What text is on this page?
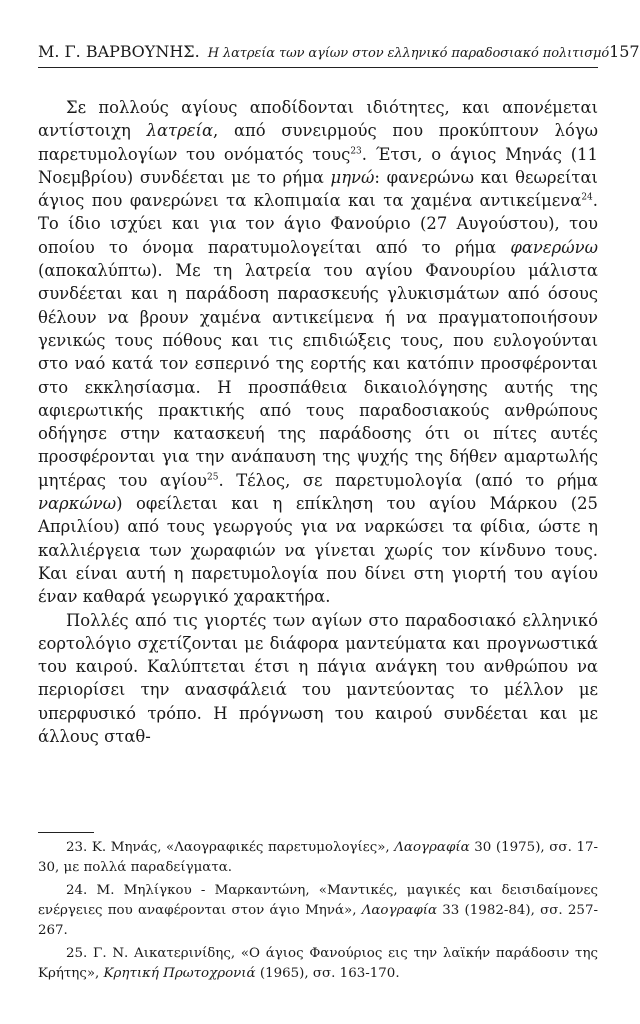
Μ. Γ. ΒΑΡΒΟΥΝΗΣ. Η λατρεία των αγίων στον ελληνικό παραδοσιακό πολιτισμό 157

Σε πολλούς αγίους αποδίδονται ιδιότητες, και απονέμεται αντίστοιχη λατρεία, από συνειρμούς που προκύπτουν λόγω παρετυμολογίων του ονόματός τους$^{23}$. Έτσι, ο άγιος Μηνάς (11 Νοεμβρίου) συνδέεται με το ρήμα μηνώ: φανερώνω και θεωρείται άγιος που φανερώνει τα κλοπιμαία και τα χαμένα αντικείμενα$^{24}$. Το ίδιο ισχύει και για τον άγιο Φανούριο (27 Αυγούστου), του οποίου το όνομα παρατυμολογείται από το ρήμα φανερώνω (αποκαλύπτω). Με τη λατρεία του αγίου Φανουρίου μάλιστα συνδέεται και η παράδοση παρασκευής γλυκισμάτων από όσους θέλουν να βρουν χαμένα αντικείμενα ή να πραγματοποιήσουν γενικώς τους πόθους και τις επιδιώξεις τους, που ευλογούνται στο ναό κατά τον εσπερινό της εορτής και κατόπιν προσφέρονται στο εκκλησίασμα. Η προσπάθεια δικαιολόγησης αυτής της αφιερωτικής πρακτικής από τους παραδοσιακούς ανθρώπους οδήγησε στην κατασκευή της παράδοσης ότι οι πίτες αυτές προσφέρονται για την ανάπαυση της ψυχής της δήθεν αμαρτωλής μητέρας του αγίου$^{25}$. Τέλος, σε παρετυμολογία (από το ρήμα ναρκώνω) οφείλεται και η επίκληση του αγίου Μάρκου (25 Απριλίου) από τους γεωργούς για να ναρκώσει τα φίδια, ώστε η καλλιέργεια των χωραφιών να γίνεται χωρίς τον κίνδυνο τους. Και είναι αυτή η παρετυμολογία που δίνει στη γιορτή του αγίου έναν καθαρά γεωργικό χαρακτήρα.

Πολλές από τις γιορτές των αγίων στο παραδοσιακό ελληνικό εορτολόγιο σχετίζονται με διάφορα μαντεύματα και προγνωστικά του καιρού. Καλύπτεται έτσι η πάγια ανάγκη του ανθρώπου να περιορίσει την ανασφάλειά του μαντεύοντας το μέλλον με υπερφυσικό τρόπο. Η πρόγνωση του καιρού συνδέεται και με άλλους σταθ-

23. Κ. Μηνάς, «Λαογραφικές παρετυμολογίες», Λαογραφία 30 (1975), σσ. 17-30, με πολλά παραδείγματα.

24. Μ. Μηλίγκου - Μαρκαντώνη, «Μαντικές, μαγικές και δεισιδαίμονες ενέργειες που αναφέρονται στον άγιο Μηνά», Λαογραφία 33 (1982-84), σσ. 257-267.

25. Γ. Ν. Αικατερινίδης, «Ο άγιος Φανούριος εις την λαϊκήν παράδοσιν της Κρήτης», Κρητική Πρωτοχρονιά (1965), σσ. 163-170.
